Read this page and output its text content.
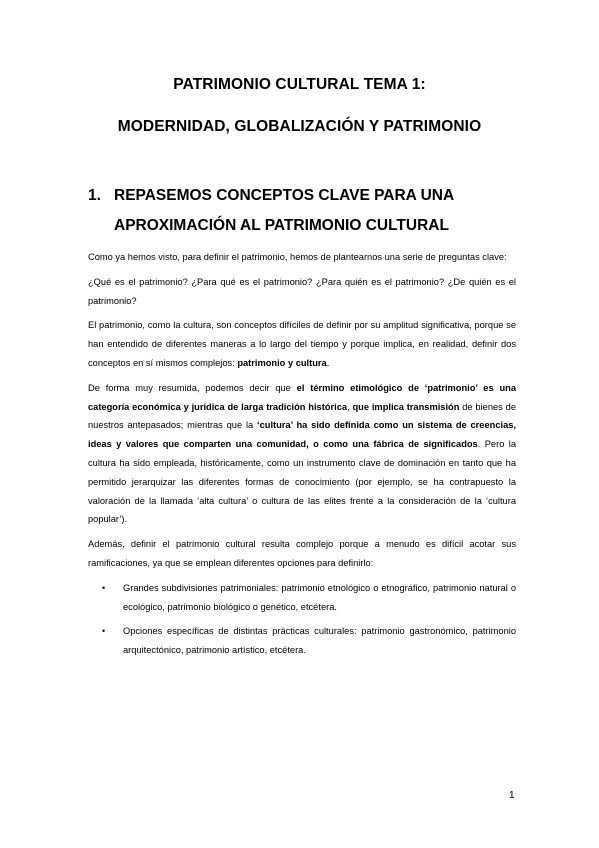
PATRIMONIO CULTURAL TEMA 1:
MODERNIDAD, GLOBALIZACIÓN Y PATRIMONIO
1. REPASEMOS CONCEPTOS CLAVE PARA UNA APROXIMACIÓN AL PATRIMONIO CULTURAL

Como ya hemos visto, para definir el patrimonio, hemos de plantearnos una serie de preguntas clave:

¿Qué es el patrimonio? ¿Para qué es el patrimonio? ¿Para quién es el patrimonio? ¿De quién es el patrimonio?

El patrimonio, como la cultura, son conceptos difíciles de definir por su amplitud significativa, porque se han entendido de diferentes maneras a lo largo del tiempo y porque implica, en realidad, definir dos conceptos en sí mismos complejos: patrimonio y cultura.

De forma muy resumida, podemos decir que el término etimológico de ‘patrimonio’ es una categoría económica y jurídica de larga tradición histórica, que implica transmisión de bienes de nuestros antepasados; mientras que la ‘cultura’ ha sido definida como un sistema de creencias, ideas y valores que comparten una comunidad, o como una fábrica de significados. Pero la cultura ha sido empleada, históricamente, como un instrumento clave de dominación en tanto que ha permitido jerarquizar las diferentes formas de conocimiento (por ejemplo, se ha contrapuesto la valoración de la llamada ‘alta cultura’ o cultura de las elites frente a la consideración de la ‘cultura popular’).

Además, definir el patrimonio cultural resulta complejo porque a menudo es difícil acotar sus ramificaciones, ya que se emplean diferentes opciones para definirlo:

• Grandes subdivisiones patrimoniales: patrimonio etnológico o etnográfico, patrimonio natural o ecológico, patrimonio biológico o genético, etcétera.
• Opciones específicas de distintas prácticas culturales: patrimonio gastronómico, patrimonio arquitectónico, patrimonio artístico, etcétera.
1
